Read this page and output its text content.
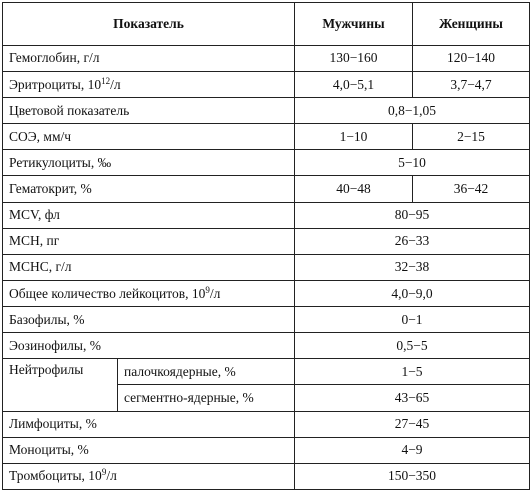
Показатель		Мужчины	Женщины
Гемоглобин, г/л		130−160	120−140
Эритроциты, $10^{12}/л$		4,0−5,1	3,7−4,7
Цветовой показатель		0,8−1,05	
СОЭ, мм/ч		1−10	2−15
Ретикулоциты, ‰		5−10	
Гематокрит, %		40−48	36−42
MCV, фл		80−95	
MCH, пг		26−33	
MCHC, г/л		32−38	
Общее количество лейкоцитов, $10^9/л$		4,0−9,0	
Базофилы, %		0−1	
Эозинофилы, %		0,5−5	
Нейтрофилы	палочкоядерные, %	1−5	
	сегментно-ядерные, %	43−65	
Лимфоциты, %		27−45	
Моноциты, %		4−9	
Тромбоциты, $10^9/л$		150−350	
